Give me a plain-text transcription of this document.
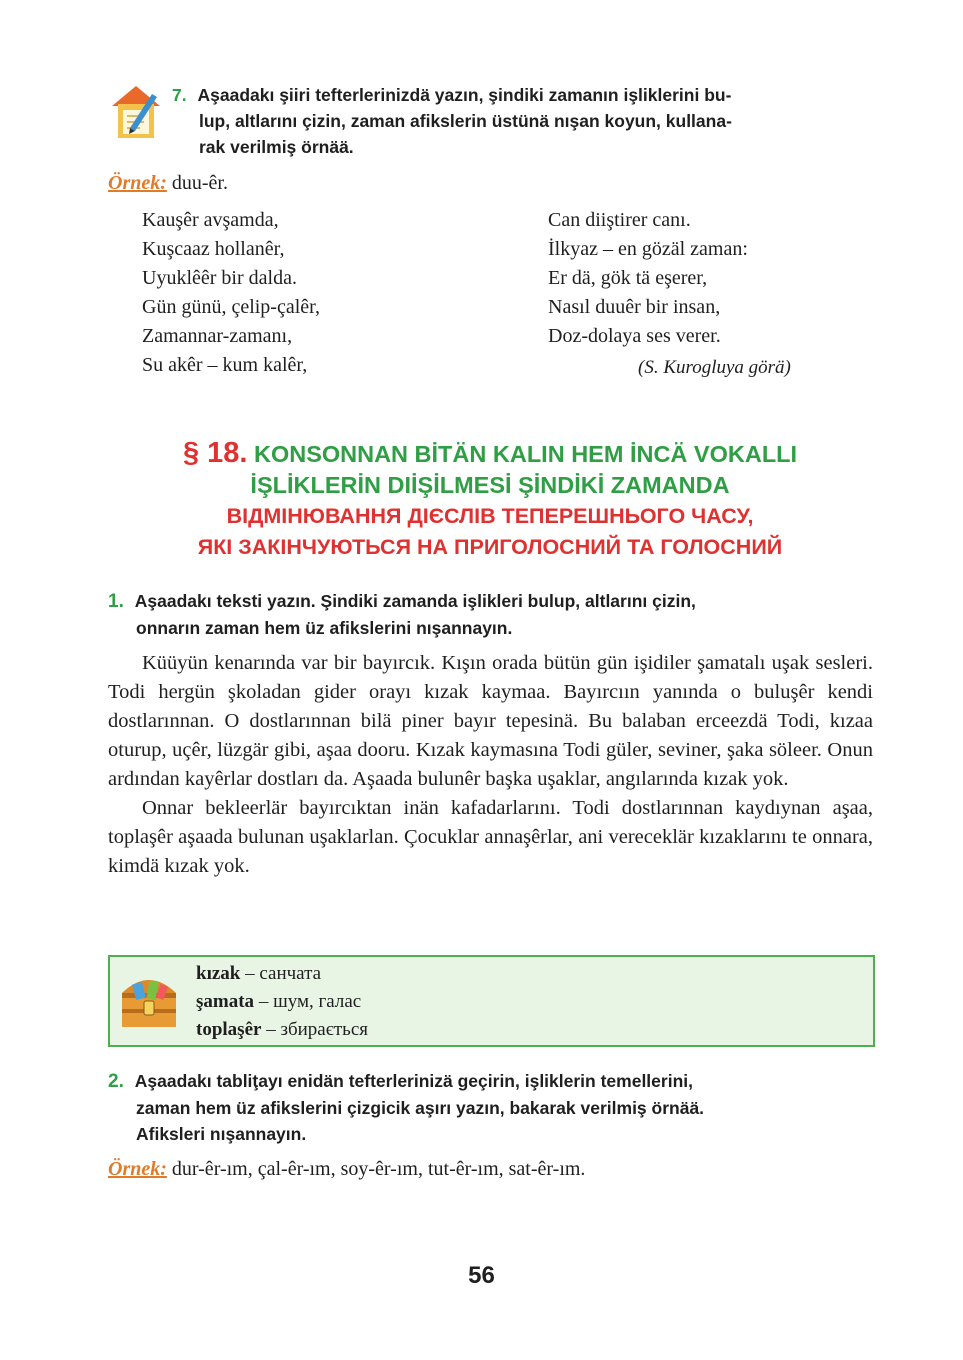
7. Aşaadakı şiiri tefterlerinizdä yazın, şindiki zamanın işliklerini bu-
lup, altlarını çizin, zaman afikslerin üstünä nışan koyun, kullana-
rak verilmiş örnää.
Örnek: duu-êr.
Kauşêr avşamda,
Kuşcaaz hollanêr,
Uyuklêêr bir dalda.
Gün günü, çelip-çalêr,
Zamannar-zamanı,
Su akêr – kum kalêr,
Can diiştirer canı.
İlkyaz – en gözäl zaman:
Er dä, gök tä eşerer,
Nasıl duuêr bir insan,
Doz-dolaya ses verer.
(S. Kurogluya görä)
§ 18. KONSONNAN BİTÄN KALIN HEM İNCÄ VOKALLI
İŞLİKLERİN DIİŞİLMESİ ŞİNDİKİ ZAMANDA
ВІДМІНЮВАННЯ ДІЄСЛІВ ТЕПЕРЕШНЬОГО ЧАСУ,
ЯКІ ЗАКІНЧУЮТЬСЯ НА ПРИГОЛОСНИЙ ТА ГОЛОСНИЙ
1. Aşaadakı teksti yazın. Şindiki zamanda işlikleri bulup, altlarını çizin,
onnarın zaman hem üz afikslerini nışannayın.

Küüyün kenarında var bir bayırcık. Kışın orada bütün gün işidiler şamatalı uşak sesleri. Todi hergün şkoladan gider orayı kızak kaymaa. Bayırcıın yanında o buluşêr kendi dostlarınnan. O dostlarınnan bilä piner bayır tepesinä. Bu balaban erceezdä Todi, kızaa oturup, uçêr, lüzgär gibi, aşaa dooru. Kızak kaymasına Todi güler, seviner, şaka söleer. Onun ardından kayêrlar dostları da. Aşaada bulunêr başka uşaklar, angılarında kızak yok.

Onnar bekleerlär bayırcıktan inän kafadarlarını. Todi dostlarınnan kaydıynan aşaa, toplaşêr aşaada bulunan uşaklarlan. Çocuklar annaşêrlar, ani vereceklär kızaklarını te onnara, kimdä kızak yok.

kızak – санчата
şamata – шум, галас
toplaşêr – збирається
2. Aşaadakı tabliţayı enidän tefterlerinizä geçirin, işliklerin temellerini,
zaman hem üz afikslerini çizgicik aşırı yazın, bakarak verilmiş örnää.
Afiksleri nışannayın.
Örnek: dur-êr-ım, çal-êr-ım, soy-êr-ım, tut-êr-ım, sat-êr-ım.
56
